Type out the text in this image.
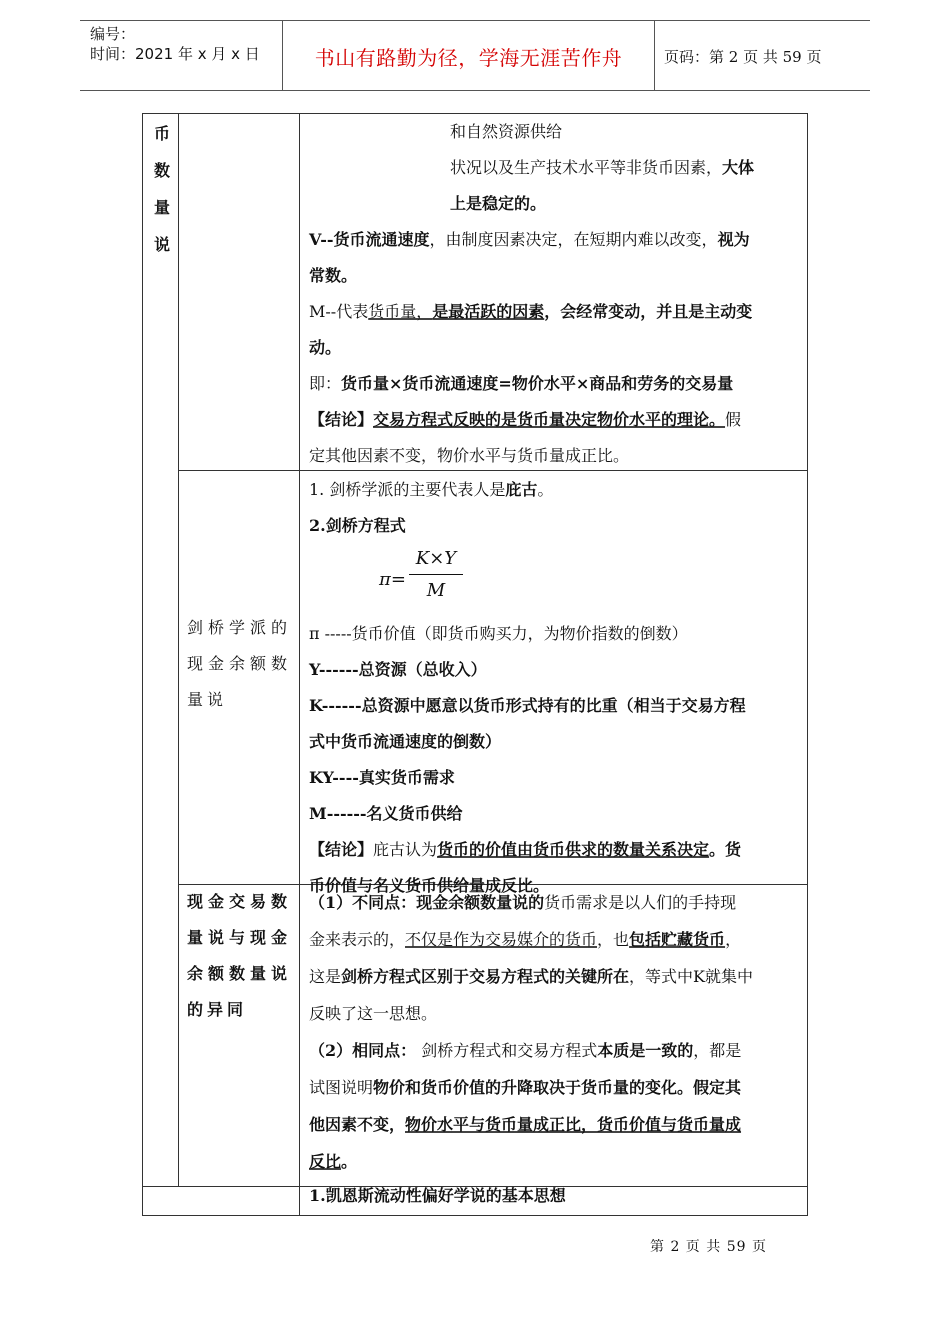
编号：
时间：2021 年 x 月 x 日	书山有路勤为径，学海无涯苦作舟	页码：第 2 页 共 59 页
币
数
量
说
和自然资源供给
状况以及生产技术水平等非货币因素，大体
上是稳定的。
V--货币流通速度，由制度因素决定，在短期内难以改变，视为
常数。
M--代表货币量，是最活跃的因素，会经常变动，并且是主动变
动。
即：货币量×货币流通速度=物价水平×商品和劳务的交易量
【结论】交易方程式反映的是货币量决定物价水平的理论。假
定其他因素不变，物价水平与货币量成正比。
剑桥学派的现金余额数量说
1. 剑桥学派的主要代表人是庇古。
2.剑桥方程式
π=
K×Y
M
π -----货币价值（即货币购买力，为物价指数的倒数）
Y------总资源（总收入）
K------总资源中愿意以货币形式持有的比重（相当于交易方程
式中货币流通速度的倒数）
KY----真实货币需求
M------名义货币供给
【结论】庇古认为货币的价值由货币供求的数量关系决定。货
币价值与名义货币供给量成反比。
现金交易数量说与现金余额数量说的异同
（1）不同点：现金余额数量说的货币需求是以人们的手持现
金来表示的，不仅是作为交易媒介的货币，也包括贮藏货币，
这是剑桥方程式区别于交易方程式的关键所在，等式中K就集中
反映了这一思想。
（2）相同点： 剑桥方程式和交易方程式本质是一致的，都是
试图说明物价和货币价值的升降取决于货币量的变化。假定其
他因素不变，物价水平与货币量成正比，货币价值与货币量成
反比。
1.凯恩斯流动性偏好学说的基本思想
第 2 页 共 59 页
